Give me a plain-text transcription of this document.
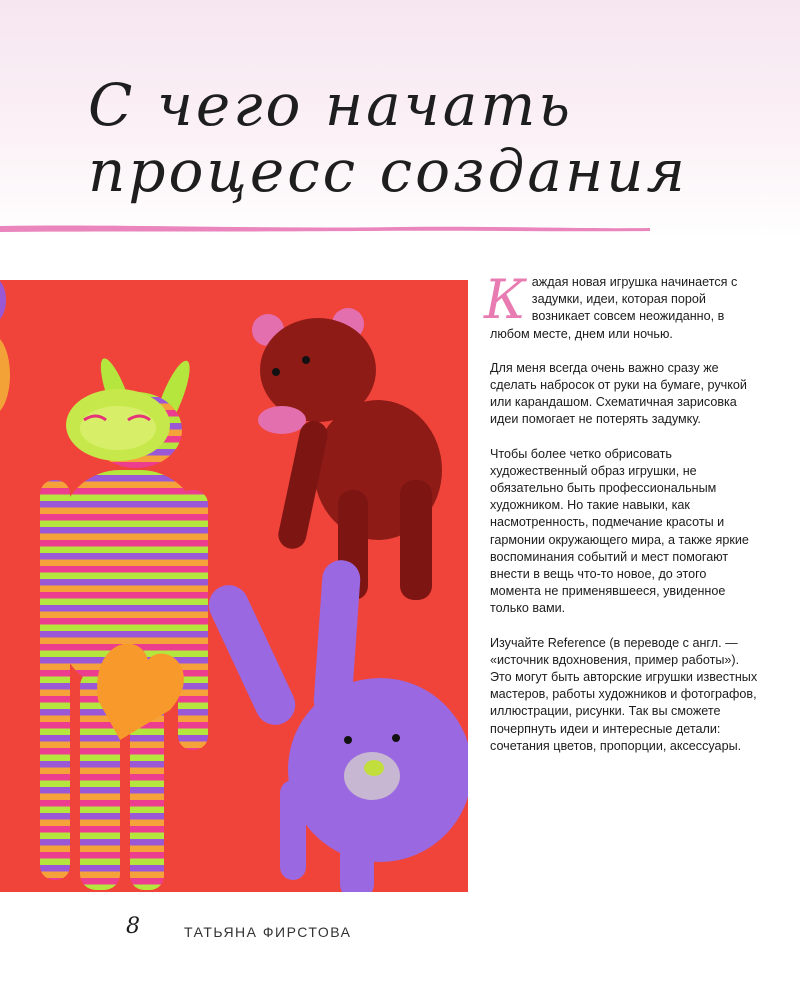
С чего начать
процесс создания

К аждая новая игрушка начинается с задумки, идеи, которая порой возникает совсем неожиданно, в любом месте, днем или ночью.

Для меня всегда очень важно сразу же сделать набросок от руки на бумаге, ручкой или карандашом. Схематичная зарисовка идеи помогает не потерять задумку.

Чтобы более четко обрисовать художественный образ игрушки, не обязательно быть профессиональным художником. Но такие навыки, как насмотренность, подмечание красоты и гармонии окружающего мира, а также яркие воспоминания событий и мест помогают внести в вещь что-то новое, до этого момента не применявшееся, увиденное только вами.

Изучайте Reference (в переводе с англ. — «источник вдохновения, пример работы»). Это могут быть авторские игрушки известных мастеров, работы художников и фотографов, иллюстрации, рисунки. Так вы сможете почерпнуть идеи и интересные детали: сочетания цветов, пропорции, аксессуары.

8	ТАТЬЯНА ФИРСТОВА
